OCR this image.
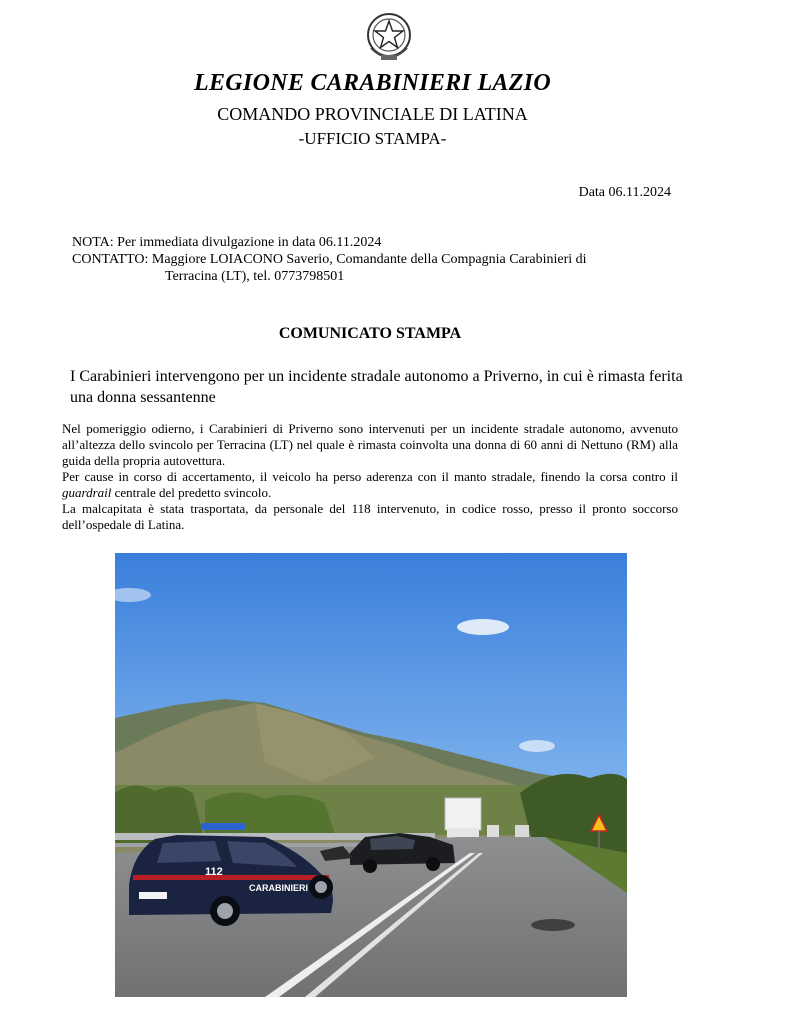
LEGIONE CARABINIERI LAZIO
COMANDO PROVINCIALE DI LATINA
-UFFICIO STAMPA-
Data 06.11.2024
NOTA: Per immediata divulgazione in data 06.11.2024
CONTATTO: Maggiore LOIACONO Saverio, Comandante della Compagnia Carabinieri di
Terracina (LT), tel. 0773798501
COMUNICATO STAMPA
I Carabinieri intervengono per un incidente stradale autonomo a Priverno, in cui è rimasta ferita una donna sessantenne

Nel pomeriggio odierno, i Carabinieri di Priverno sono intervenuti per un incidente stradale autonomo, avvenuto all’altezza dello svincolo per Terracina (LT) nel quale è rimasta coinvolta una donna di 60 anni di Nettuno (RM) alla guida della propria autovettura.

Per cause in corso di accertamento, il veicolo ha perso aderenza con il manto stradale, finendo la corsa contro il guardrail centrale del predetto svincolo.

La malcapitata è stata trasportata, da personale del 118 intervenuto, in codice rosso, presso il pronto soccorso dell’ospedale di Latina.

112
CARABINIERI
